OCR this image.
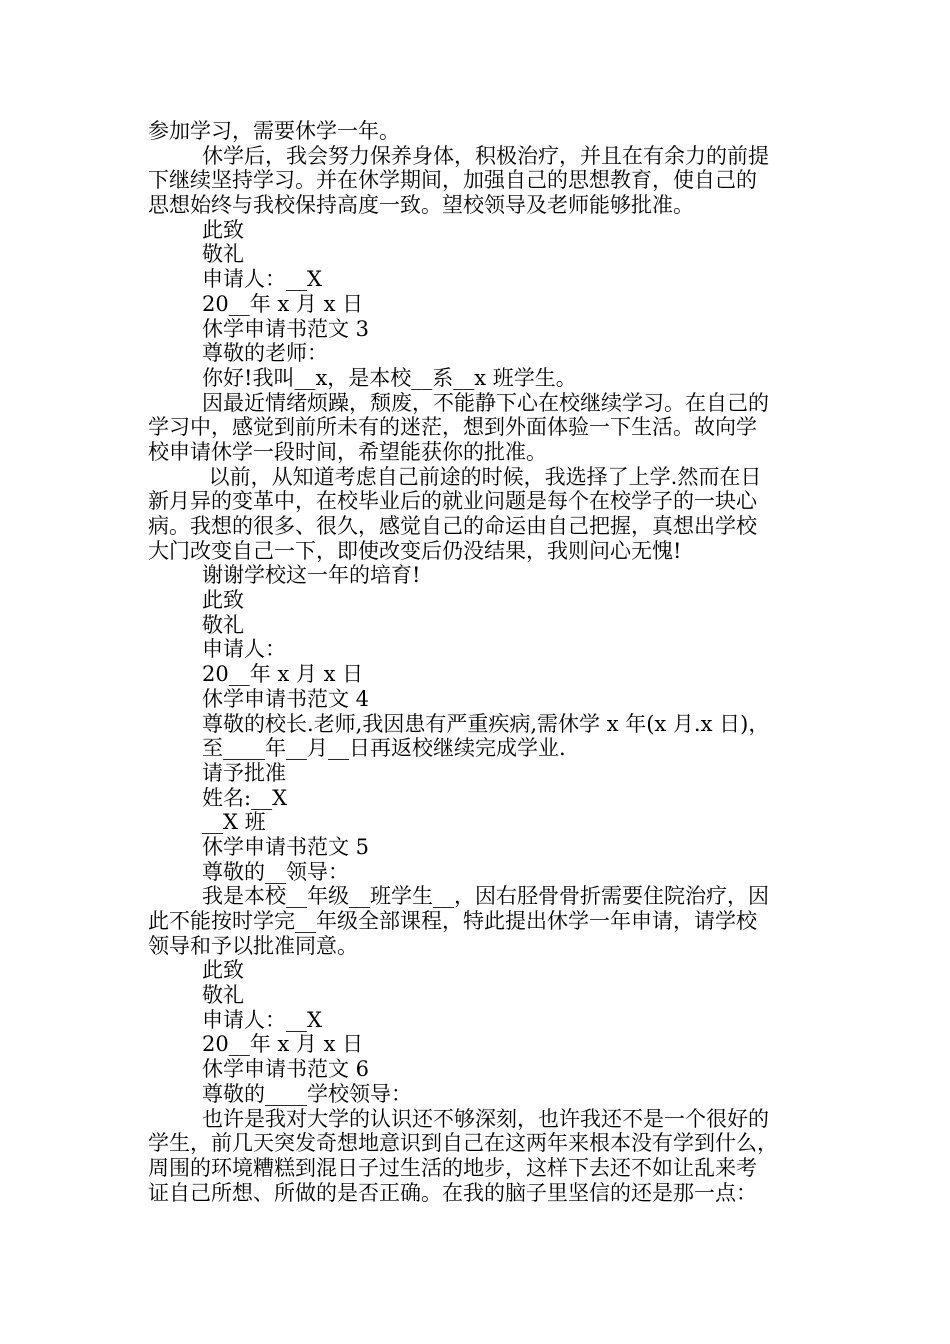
参加学习，需要休学一年。
休学后，我会努力保养身体，积极治疗，并且在有余力的前提
下继续坚持学习。并在休学期间，加强自己的思想教育，使自己的
思想始终与我校保持高度一致。望校领导及老师能够批准。
此致
敬礼
申请人：__X
20__年 x 月 x 日
休学申请书范文 3
尊敬的老师：
你好!我叫__x，是本校__系__x 班学生。
因最近情绪烦躁，颓废，不能静下心在校继续学习。在自己的
学习中，感觉到前所未有的迷茫，想到外面体验一下生活。故向学
校申请休学一段时间，希望能获你的批准。
以前，从知道考虑自己前途的时候，我选择了上学.然而在日
新月异的变革中，在校毕业后的就业问题是每个在校学子的一块心
病。我想的很多、很久，感觉自己的命运由自己把握，真想出学校
大门改变自己一下，即使改变后仍没结果，我则问心无愧!
谢谢学校这一年的培育!
此致
敬礼
申请人：
20__年 x 月 x 日
休学申请书范文 4
尊敬的校长.老师,我因患有严重疾病,需休学 x 年(x 月.x 日)，
至____年__月__日再返校继续完成学业.
请予批准
姓名:__X
__X 班
休学申请书范文 5
尊敬的__领导：
我是本校__年级__班学生__，因右胫骨骨折需要住院治疗，因
此不能按时学完__年级全部课程，特此提出休学一年申请，请学校
领导和予以批准同意。
此致
敬礼
申请人：__X
20__年 x 月 x 日
休学申请书范文 6
尊敬的____学校领导：
也许是我对大学的认识还不够深刻，也许我还不是一个很好的
学生，前几天突发奇想地意识到自己在这两年来根本没有学到什么，
周围的环境糟糕到混日子过生活的地步，这样下去还不如让乱来考
证自己所想、所做的是否正确。在我的脑子里坚信的还是那一点：
